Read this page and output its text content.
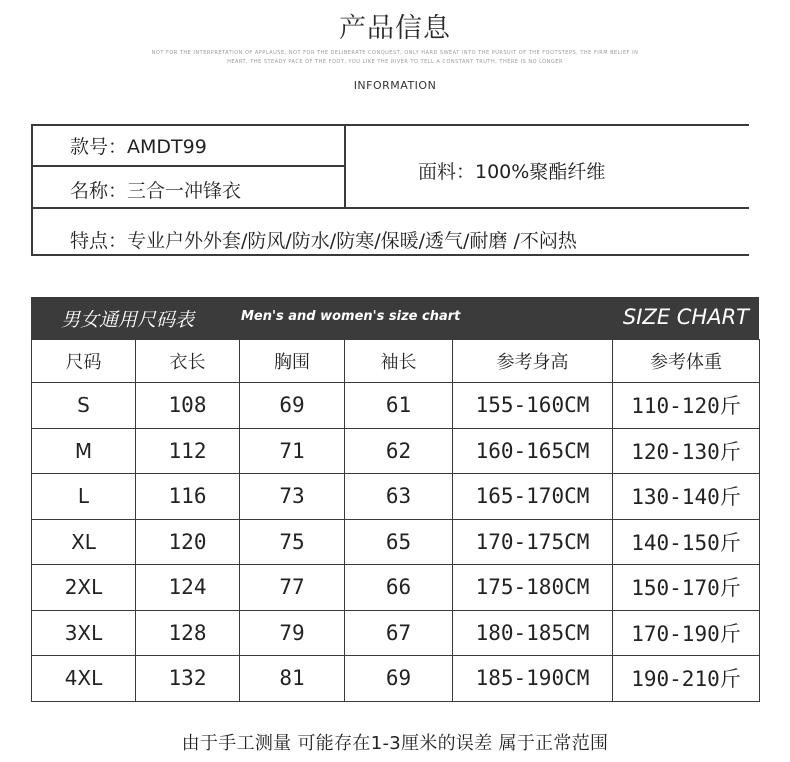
产品信息
NOT FOR THE INTERPRETATION OF APPLAUSE, NOT FOR THE DELIBERATE CONQUEST, ONLY HARD SWEAT INTO THE PURSUIT OF THE FOOTSTEPS, THE FIRM BELIEF IN
HEART, THE STEADY PACE OF THE FOOT, YOU LIKE THE RIVER TO TELL A CONSTANT TRUTH, THERE IS NO LONGER
INFORMATION
款号：AMDT99
名称：三合一冲锋衣
面料：100%聚酯纤维
特点：专业户外外套/防风/防水/防寒/保暖/透气/耐磨 /不闷热
男女通用尺码表	Men's and women's size chart	SIZE CHART
尺码	衣长	胸围	袖长	参考身高	参考体重
S	108	69	61	155-160CM	110-120斤
M	112	71	62	160-165CM	120-130斤
L	116	73	63	165-170CM	130-140斤
XL	120	75	65	170-175CM	140-150斤
2XL	124	77	66	175-180CM	150-170斤
3XL	128	79	67	180-185CM	170-190斤
4XL	132	81	69	185-190CM	190-210斤
由于手工测量 可能存在1-3厘米的误差 属于正常范围
